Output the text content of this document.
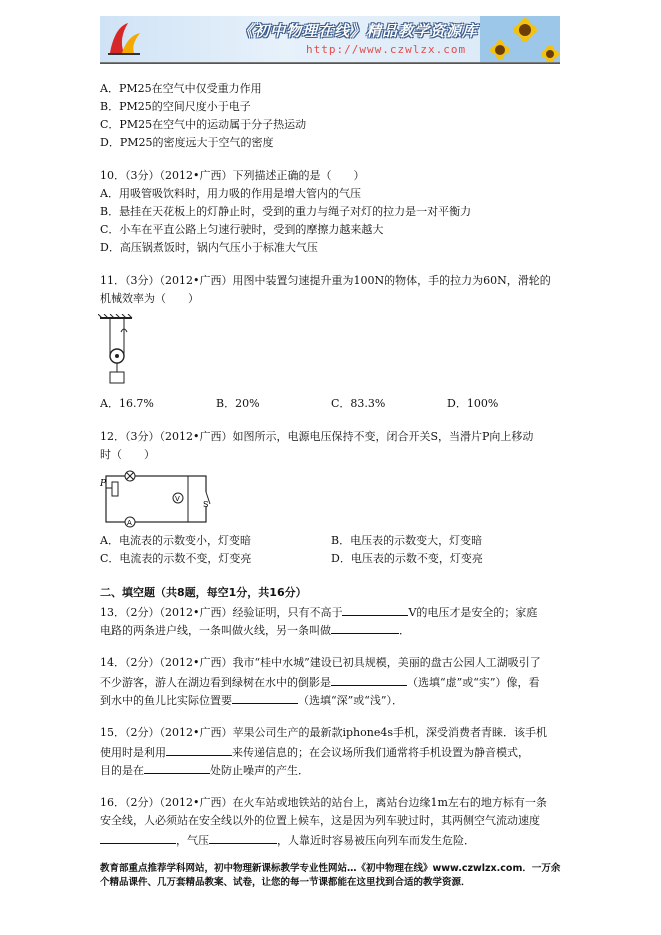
《初中物理在线》精品教学资源库
http://www.czwlzx.com
A．PM25在空气中仅受重力作用
B．PM25的空间尺度小于电子
C．PM25在空气中的运动属于分子热运动
D．PM25的密度远大于空气的密度
10．（3分）（2012•广西）下列描述正确的是（　　）
A．用吸管吸饮料时，用力吸的作用是增大管内的气压
B．悬挂在天花板上的灯静止时，受到的重力与绳子对灯的拉力是一对平衡力
C．小车在平直公路上匀速行驶时，受到的摩擦力越来越大
D．高压锅煮饭时，锅内气压小于标准大气压
11．（3分）（2012•广西）用图中装置匀速提升重为100N的物体，手的拉力为60N，滑轮的
机械效率为（　　）
A．16.7%	B．20%	C．83.3%	D．100%
12．（3分）（2012•广西）如图所示，电源电压保持不变，闭合开关S，当滑片P向上移动
时（　　）
P
V
S
A
A．电流表的示数变小，灯变暗	B．电压表的示数变大，灯变暗
C．电流表的示数不变，灯变亮	D．电压表的示数不变，灯变亮
二、填空题（共8题，每空1分，共16分）
13．（2分）（2012•广西）经验证明，只有不高于	V的电压才是安全的；家庭
电路的两条进户线，一条叫做火线，另一条叫做	．
14．（2分）（2012•广西）我市“桂中水城”建设已初具规模，美丽的盘古公园人工湖吸引了
不少游客，游人在湖边看到绿树在水中的倒影是	（选填“虚”或“实”）像，看
到水中的鱼儿比实际位置要	（选填“深”或“浅”）．
15．（2分）（2012•广西）苹果公司生产的最新款iphone4s手机，深受消费者青睐．该手机
使用时是利用	来传递信息的；在会议场所我们通常将手机设置为静音模式，
目的是在	处防止噪声的产生．
16．（2分）（2012•广西）在火车站或地铁站的站台上，离站台边缘1m左右的地方标有一条
安全线，人必须站在安全线以外的位置上候车，这是因为列车驶过时，其两侧空气流动速度
，气压	，人靠近时容易被压向列车而发生危险．
教育部重点推荐学科网站，初中物理新课标教学专业性网站…《初中物理在线》www.czwlzx.com．一万余
个精品课件、几万套精品教案、试卷，让您的每一节课都能在这里找到合适的教学资源．
